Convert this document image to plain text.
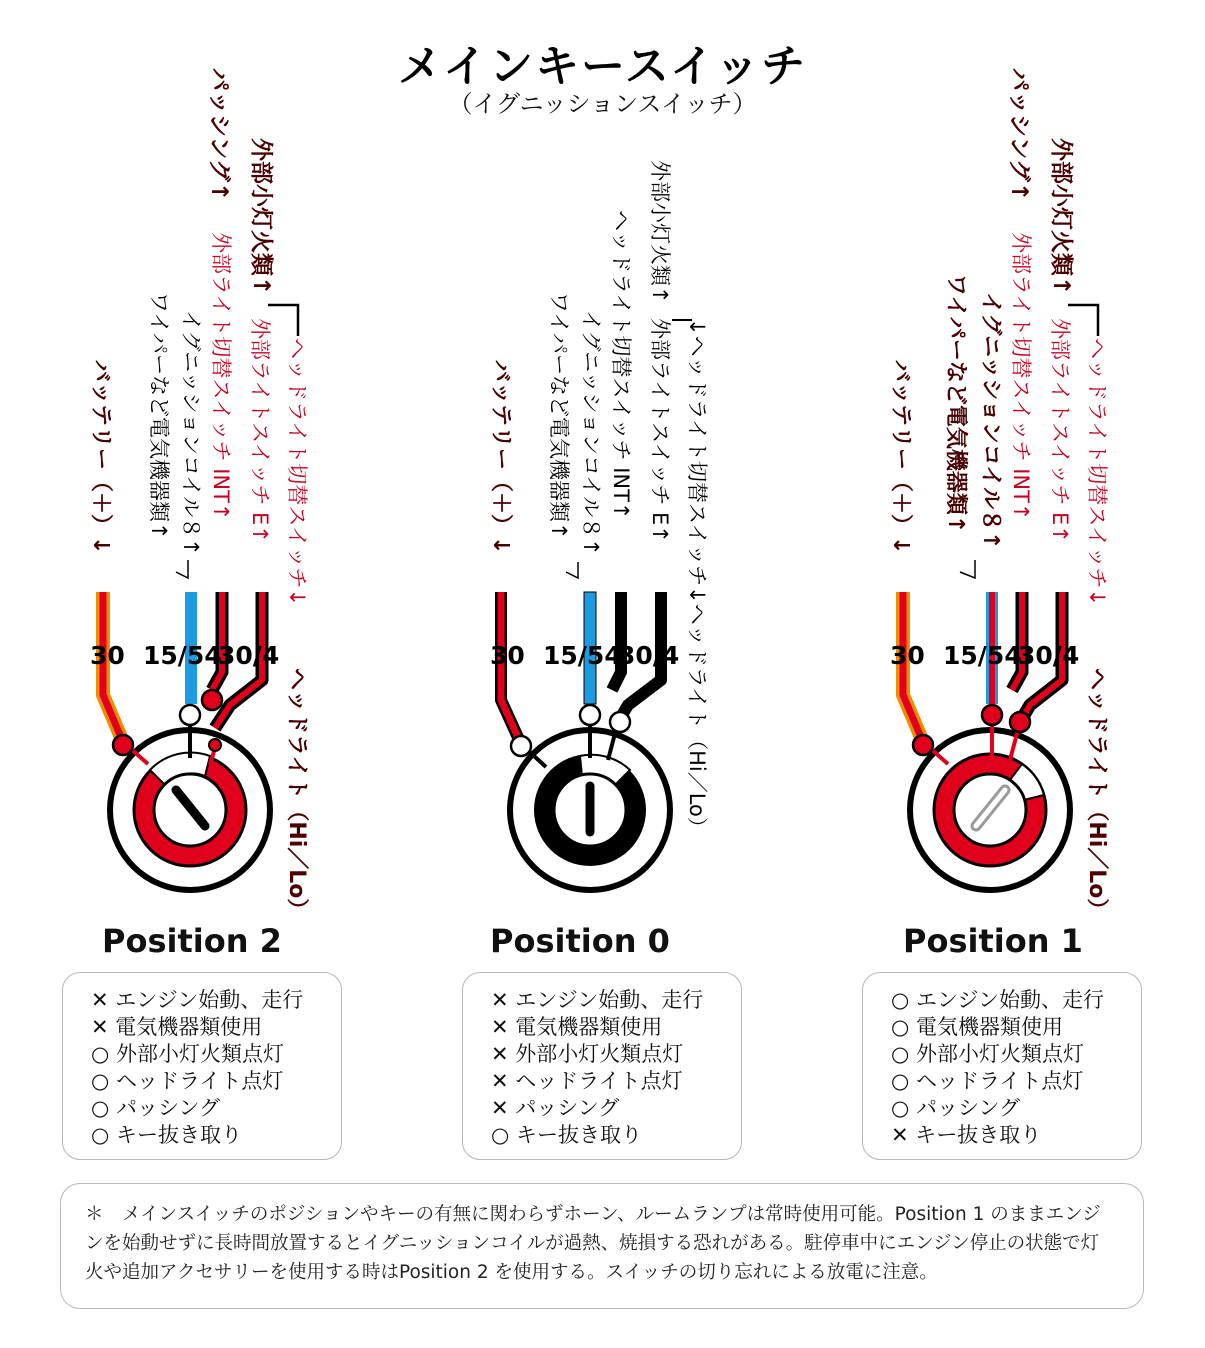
メインキースイッチ
（イグニッションスイッチ）
バッテリー（＋）↓ ワイパーなど電気機器類↑ イグニッションコイル８↑ 外部ライト切替スイッチ INT↑
パッシング↑
外部ライトスイッチ E↑
外部小灯火類↑
ヘッドライト切替スイッチ↓
ヘッドライト（Hi／Lo）
30 15/54
30/4
バッテリー（＋）↓ ワイパーなど電気機器類↑ イグニッションコイル８↑ ヘッドライト切替スイッチ INT↑ 外部ライトスイッチ E↑
外部小灯火類↑
↓ヘッドライト切替スイッチ↓ヘッドライト（Hi／Lo）
30 15/54
30/4
バッテリー（＋）↓ ワイパーなど電気機器類↑ イグニッションコイル８↑ 外部ライト切替スイッチ INT↑
パッシング↑
外部ライトスイッチ E↑
外部小灯火類↑
ヘッドライト切替スイッチ↓
ヘッドライト（Hi／Lo）
30 15/54
30/4
Position 2	Position 0	Position 1
✕ エンジン始動、走行
✕ 電気機器類使用
○ 外部小灯火類点灯
○ ヘッドライト点灯
○ パッシング
○ キー抜き取り
✕ エンジン始動、走行
✕ 電気機器類使用
✕ 外部小灯火類点灯
✕ ヘッドライト点灯
✕ パッシング
○ キー抜き取り
○ エンジン始動、走行
○ 電気機器類使用
○ 外部小灯火類点灯
○ ヘッドライト点灯
○ パッシング
✕ キー抜き取り
＊　メインスイッチのポジションやキーの有無に関わらずホーン、ルームランプは常時使用可能。Position 1 のままエンジンを始動せずに長時間放置するとイグニッションコイルが過熱、焼損する恐れがある。駐停車中にエンジン停止の状態で灯火や追加アクセサリーを使用する時はPosition 2 を使用する。スイッチの切り忘れによる放電に注意。
